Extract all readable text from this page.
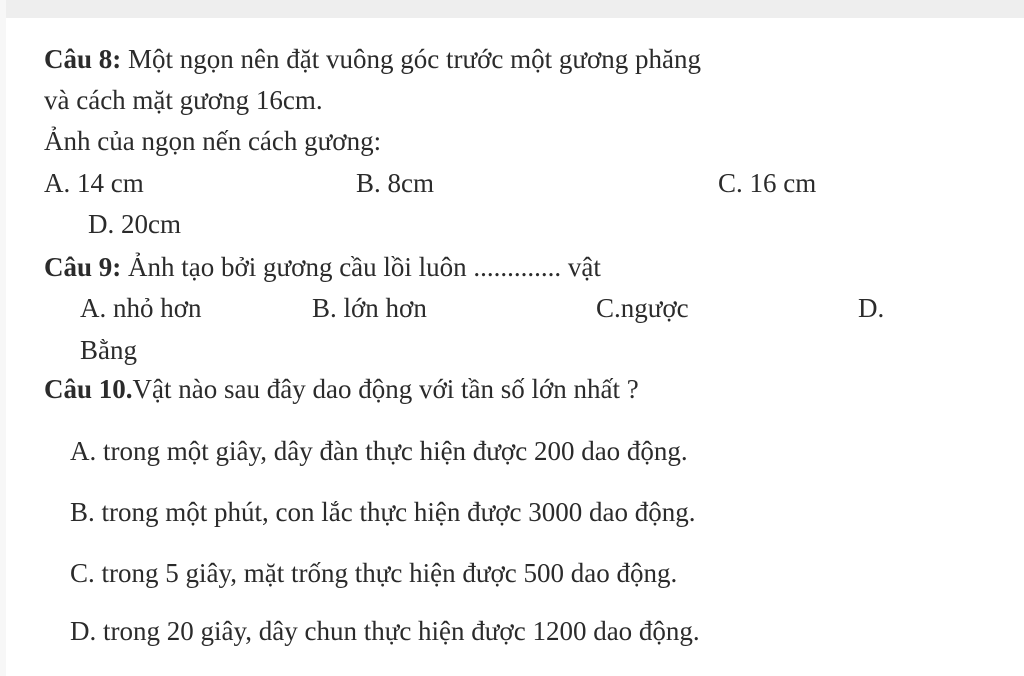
Câu 8: Một ngọn nên đặt vuông góc trước một gương phăng
và cách mặt gương 16cm.
Ảnh của ngọn nến cách gương:
A. 14 cm	B. 8cm	C. 16 cm
D. 20cm
Câu 9: Ảnh tạo bởi gương cầu lồi luôn ............. vật
A. nhỏ hơn	B. lớn hơn	C.ngược	D.
Bằng
Câu 10.Vật nào sau đây dao động với tần số lớn nhất ?
A. trong một giây, dây đàn thực hiện được 200 dao động.
B. trong một phút, con lắc thực hiện được 3000 dao động.
C. trong 5 giây, mặt trống thực hiện được 500 dao động.
D. trong 20 giây, dây chun thực hiện được 1200 dao động.
